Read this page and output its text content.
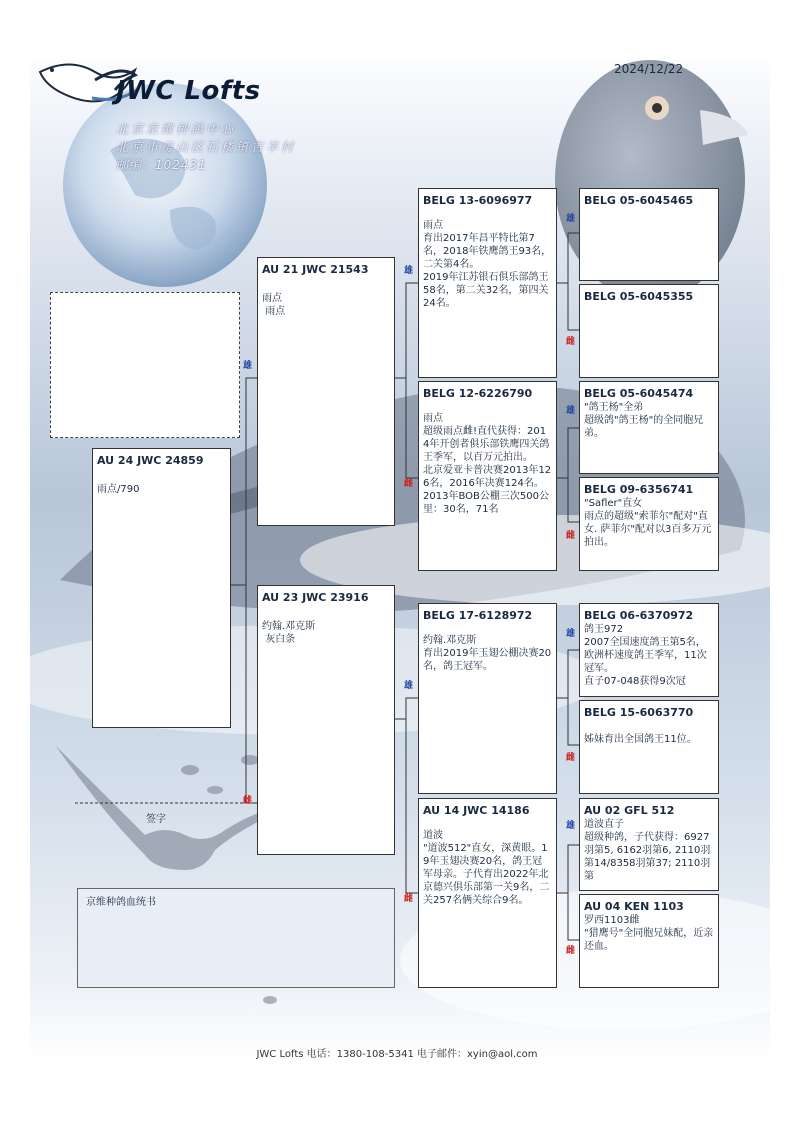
JWC Lofts
北京京维种鸽中心
北京市房山区石楼镇吉羊村
邮编：102431
2024/12/22
雄
雌
雄
雌
雄
雌
雄
雌
雄
雌
雄
雌
雄
雌
AU 24 JWC 24859
雨点/790
AU 21 JWC 21543
雨点
雨点
AU 23 JWC 23916
约翰.邓克斯
灰白条
BELG 13-6096977
雨点
育出2017年昌平特比第7名，2018年铁鹰鸽王93名，二关第4名。
2019年江苏银石俱乐部鸽王58名，第二关32名，第四关24名。
BELG 12-6226790
雨点
超级雨点雌!直代获得：2014年开创者俱乐部铁鹰四关鸽王季军，以百万元拍出。
北京爱亚卡普决赛2013年126名，2016年决赛124名。
2013年BOB公棚三次500公里：30名，71名
BELG 17-6128972
约翰.邓克斯
育出2019年玉翅公棚决赛20名，鸽王冠军。
AU 14 JWC 14186
道波
"道波512"直女，深黄眼。19年玉翅决赛20名，鸽王冠军母亲。子代育出2022年北京德兴俱乐部第一关9名，二关257名俩关综合9名。
BELG 05-6045465
BELG 05-6045355
BELG 05-6045474
"鸽王杨"全弟
超级鸽"鸽王杨"的全同胞兄弟。
BELG 09-6356741
"Safler"直女
雨点的超级"索菲尔"配对"直女. 萨菲尔"配对以3百多万元拍出。
BELG 06-6370972
鸽王972
2007全国速度鸽王第5名，欧洲杯速度鸽王季军，11次冠军。
直子07-048获得9次冠
BELG 15-6063770

姊妹育出全国鸽王11位。
AU 02 GFL 512
道波直子
超级种鸽，子代获得：6927羽第5, 6162羽第6, 2110羽第14/8358羽第37; 2110羽第
AU 04 KEN 1103
罗西1103雌
"猎鹰号"全同胞兄妹配，近亲还血。
签字
京维种鸽血统书
JWC Lofts 电话：1380-108-5341 电子邮件：xyin@aol.com
